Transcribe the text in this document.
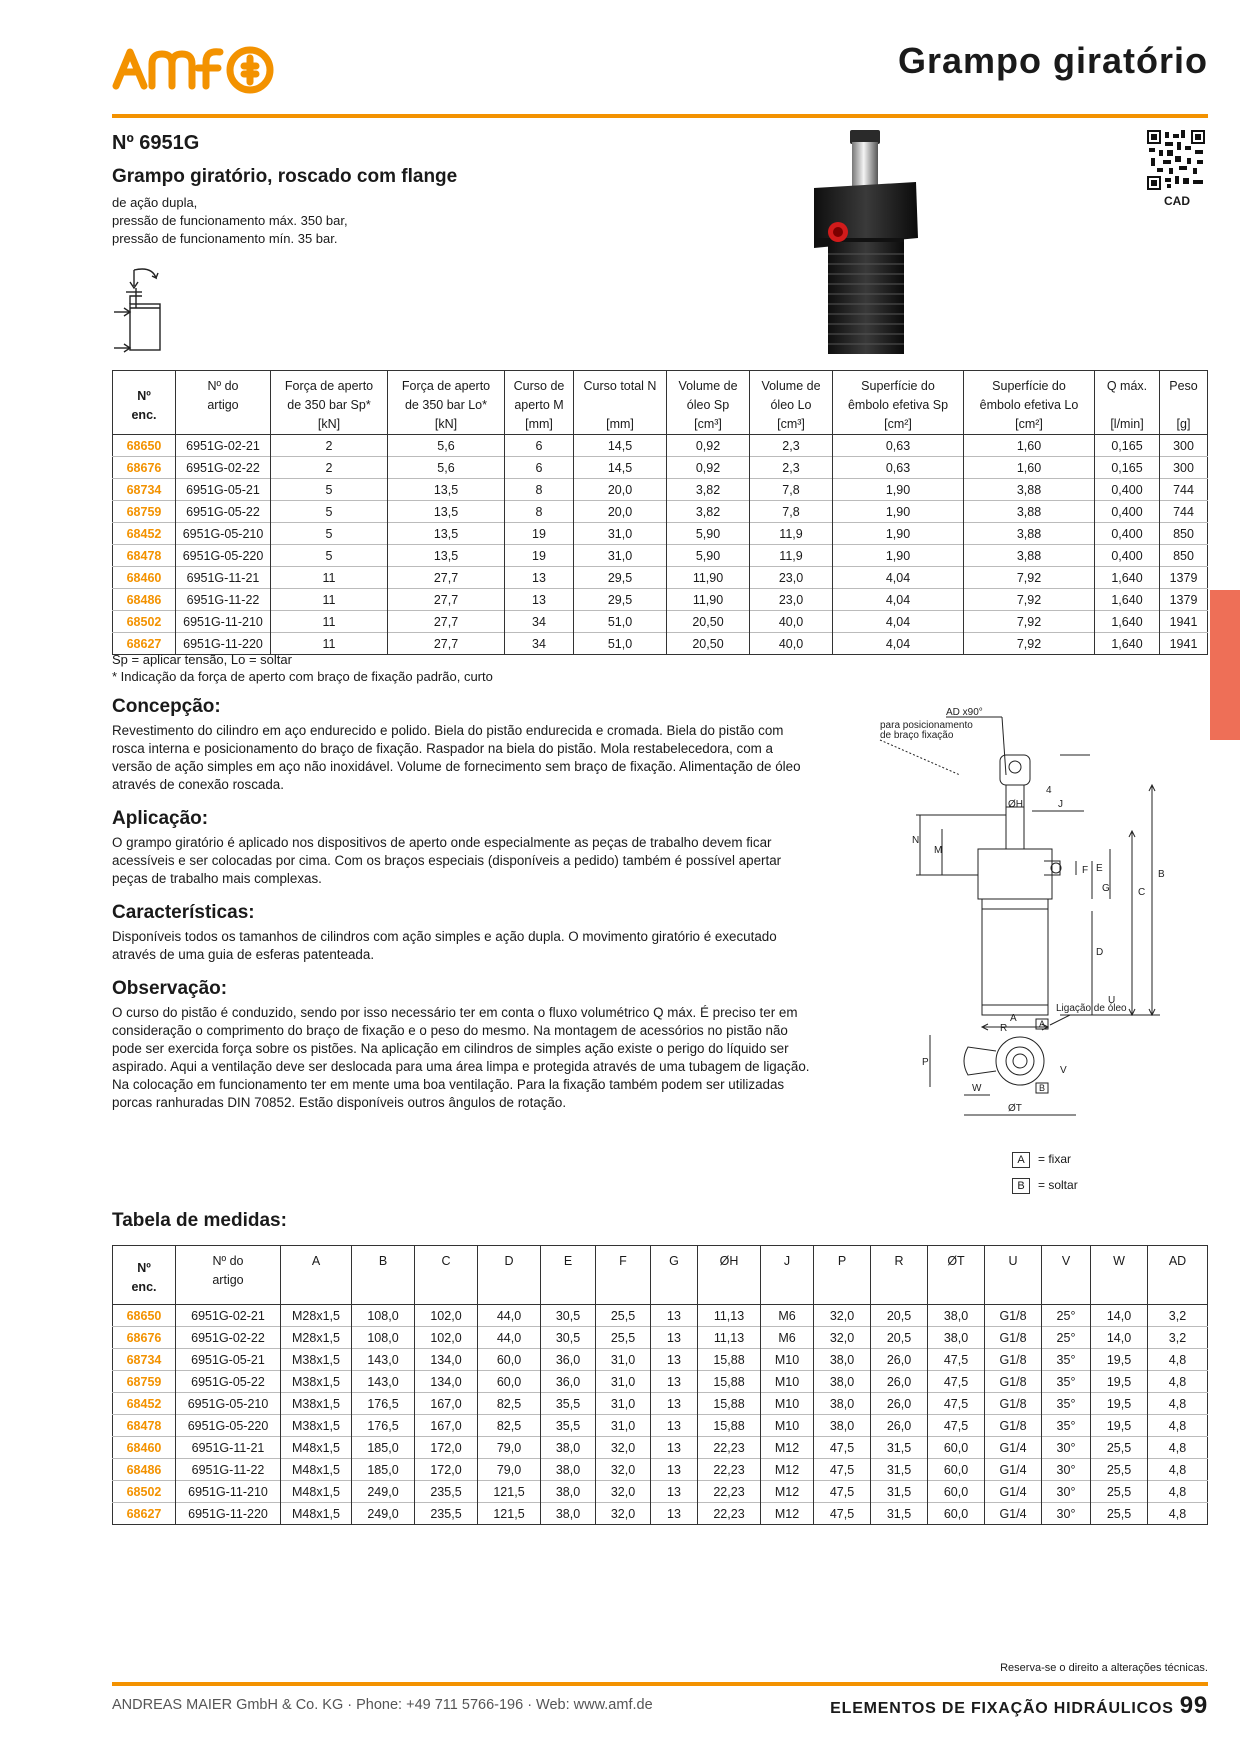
Grampo giratório
Nº 6951G
Grampo giratório, roscado com flange
de ação dupla,
pressão de funcionamento máx. 350 bar,
pressão de funcionamento mín. 35 bar.
CAD
Nº
enc.	Nº do
artigo	Força de aperto
de 350 bar Sp*
[kN]	Força de aperto
de 350 bar Lo*
[kN]	Curso de
aperto M
[mm]	Curso total N

[mm]	Volume de
óleo Sp
[cm³]	Volume de
óleo Lo
[cm³]	Superfície do
êmbolo efetiva Sp
[cm²]	Superfície do
êmbolo efetiva Lo
[cm²]	Q máx.

[l/min]	Peso

[g]
68650	6951G-02-21	2	5,6	6	14,5	0,92	2,3	0,63	1,60	0,165	300
68676	6951G-02-22	2	5,6	6	14,5	0,92	2,3	0,63	1,60	0,165	300
68734	6951G-05-21	5	13,5	8	20,0	3,82	7,8	1,90	3,88	0,400	744
68759	6951G-05-22	5	13,5	8	20,0	3,82	7,8	1,90	3,88	0,400	744
68452	6951G-05-210	5	13,5	19	31,0	5,90	11,9	1,90	3,88	0,400	850
68478	6951G-05-220	5	13,5	19	31,0	5,90	11,9	1,90	3,88	0,400	850
68460	6951G-11-21	11	27,7	13	29,5	11,90	23,0	4,04	7,92	1,640	1379
68486	6951G-11-22	11	27,7	13	29,5	11,90	23,0	4,04	7,92	1,640	1379
68502	6951G-11-210	11	27,7	34	51,0	20,50	40,0	4,04	7,92	1,640	1941
68627	6951G-11-220	11	27,7	34	51,0	20,50	40,0	4,04	7,92	1,640	1941
Sp = aplicar tensão, Lo = soltar
* Indicação da força de aperto com braço de fixação padrão, curto
Concepção:
Revestimento do cilindro em aço endurecido e polido. Biela do pistão endurecida e cromada. Biela do pistão com rosca interna e posicionamento do braço de fixação. Raspador na biela do pistão. Mola restabelecedora, com a versão de ação simples em aço não inoxidável. Volume de fornecimento sem braço de fixação. Alimentação de óleo através de conexão roscada.
Aplicação:
O grampo giratório é aplicado nos dispositivos de aperto onde especialmente as peças de trabalho devem ficar acessíveis e ser colocadas por cima. Com os braços especiais (disponíveis a pedido) também é possível apertar peças de trabalho mais complexas.
Características:
Disponíveis todos os tamanhos de cilindros com ação simples e ação dupla. O movimento giratório é executado através de uma guia de esferas patenteada.
Observação:
O curso do pistão é conduzido, sendo por isso necessário ter em conta o fluxo volumétrico Q máx. É preciso ter em consideração o comprimento do braço de fixação e o peso do mesmo. Na montagem de acessórios no pistão não pode ser exercida força sobre os pistões. Na aplicação em cilindros de simples ação existe o perigo do líquido ser aspirado. Aqui a ventilação deve ser deslocada para uma área limpa e protegida através de uma tubagem de ligação. Na colocação em funcionamento ter em mente uma boa ventilação. Para la fixação também podem ser utilizadas porcas ranhuradas DIN 70852. Estão disponíveis outros ângulos de rotação.
AD x90°
para posicionamento
de braço fixação
N
M
ØH	J
4
G
F E
C
B
D
U
A
Ligação de óleo
P
R
V
W
ØT
A
B
A = fixar
B = soltar
Tabela de medidas:
Nº
enc.	Nº do
artigo	A	B	C	D	E	F	G	ØH	J	P	R	ØT	U	V	W	AD
68650	6951G-02-21	M28x1,5	108,0	102,0	44,0	30,5	25,5	13	11,13	M6	32,0	20,5	38,0	G1/8	25°	14,0	3,2
68676	6951G-02-22	M28x1,5	108,0	102,0	44,0	30,5	25,5	13	11,13	M6	32,0	20,5	38,0	G1/8	25°	14,0	3,2
68734	6951G-05-21	M38x1,5	143,0	134,0	60,0	36,0	31,0	13	15,88	M10	38,0	26,0	47,5	G1/8	35°	19,5	4,8
68759	6951G-05-22	M38x1,5	143,0	134,0	60,0	36,0	31,0	13	15,88	M10	38,0	26,0	47,5	G1/8	35°	19,5	4,8
68452	6951G-05-210	M38x1,5	176,5	167,0	82,5	35,5	31,0	13	15,88	M10	38,0	26,0	47,5	G1/8	35°	19,5	4,8
68478	6951G-05-220	M38x1,5	176,5	167,0	82,5	35,5	31,0	13	15,88	M10	38,0	26,0	47,5	G1/8	35°	19,5	4,8
68460	6951G-11-21	M48x1,5	185,0	172,0	79,0	38,0	32,0	13	22,23	M12	47,5	31,5	60,0	G1/4	30°	25,5	4,8
68486	6951G-11-22	M48x1,5	185,0	172,0	79,0	38,0	32,0	13	22,23	M12	47,5	31,5	60,0	G1/4	30°	25,5	4,8
68502	6951G-11-210	M48x1,5	249,0	235,5	121,5	38,0	32,0	13	22,23	M12	47,5	31,5	60,0	G1/4	30°	25,5	4,8
68627	6951G-11-220	M48x1,5	249,0	235,5	121,5	38,0	32,0	13	22,23	M12	47,5	31,5	60,0	G1/4	30°	25,5	4,8
Reserva-se o direito a alterações técnicas.
ANDREAS MAIER GmbH & Co. KG · Phone: +49 711 5766-196 · Web: www.amf.de	ELEMENTOS DE FIXAÇÃO HIDRÁULICOS 99
